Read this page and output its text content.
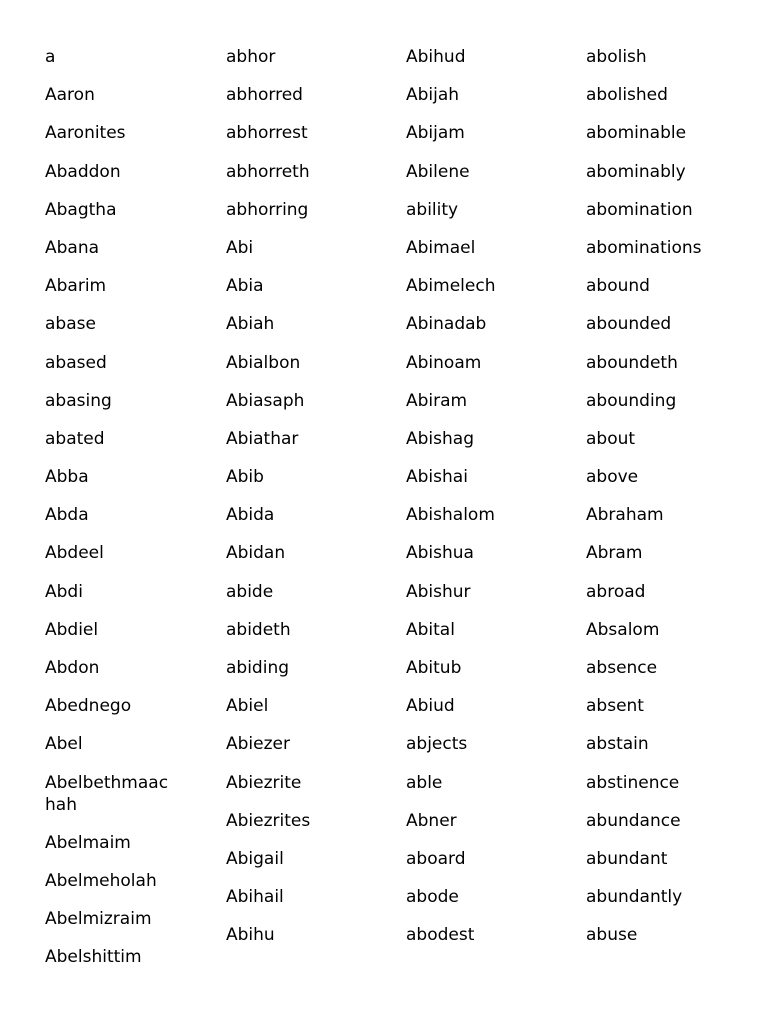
a
Aaron
Aaronites
Abaddon
Abagtha
Abana
Abarim
abase
abased
abasing
abated
Abba
Abda
Abdeel
Abdi
Abdiel
Abdon
Abednego
Abel
Abelbethmaachah
Abelmaim
Abelmeholah
Abelmizraim
Abelshittim
abhor
abhorred
abhorrest
abhorreth
abhorring
Abi
Abia
Abiah
Abialbon
Abiasaph
Abiathar
Abib
Abida
Abidan
abide
abideth
abiding
Abiel
Abiezer
Abiezrite
Abiezrites
Abigail
Abihail
Abihu
Abihud
Abijah
Abijam
Abilene
ability
Abimael
Abimelech
Abinadab
Abinoam
Abiram
Abishag
Abishai
Abishalom
Abishua
Abishur
Abital
Abitub
Abiud
abjects
able
Abner
aboard
abode
abodest
abolish
abolished
abominable
abominably
abomination
abominations
abound
abounded
aboundeth
abounding
about
above
Abraham
Abram
abroad
Absalom
absence
absent
abstain
abstinence
abundance
abundant
abundantly
abuse
